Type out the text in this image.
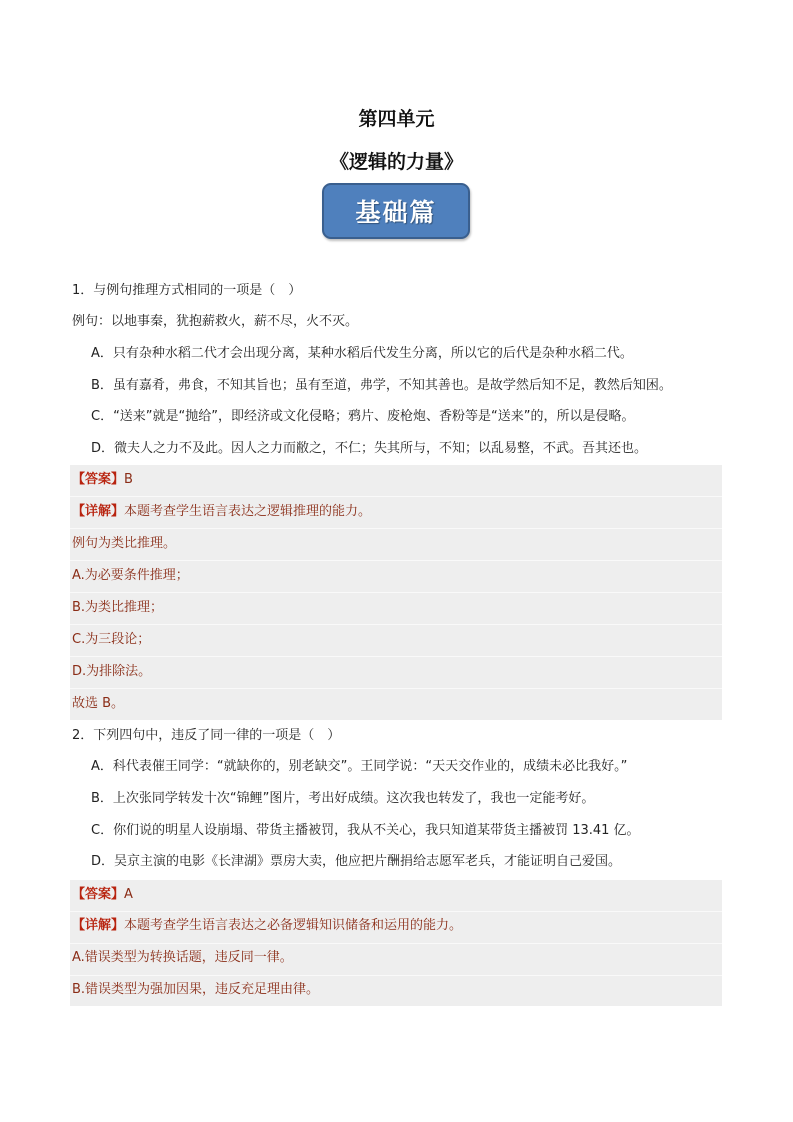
第四单元
《逻辑的力量》
基础篇
1．与例句推理方式相同的一项是（　）
例句：以地事秦，犹抱薪救火，薪不尽，火不灭。
A．只有杂种水稻二代才会出现分离，某种水稻后代发生分离，所以它的后代是杂种水稻二代。
B．虽有嘉肴，弗食，不知其旨也；虽有至道，弗学，不知其善也。是故学然后知不足，教然后知困。
C．“送来”就是“抛给”，即经济或文化侵略；鸦片、废枪炮、香粉等是“送来”的，所以是侵略。
D．微夫人之力不及此。因人之力而敝之，不仁；失其所与，不知；以乱易整，不武。吾其还也。
【答案】B
【详解】本题考查学生语言表达之逻辑推理的能力。
例句为类比推理。
A.为必要条件推理；
B.为类比推理；
C.为三段论；
D.为排除法。
故选 B。
2．下列四句中，违反了同一律的一项是（　）
A．科代表催王同学：“就缺你的，别老缺交”。王同学说：“天天交作业的，成绩未必比我好。”
B．上次张同学转发十次“锦鲤”图片，考出好成绩。这次我也转发了，我也一定能考好。
C．你们说的明星人设崩塌、带货主播被罚，我从不关心，我只知道某带货主播被罚 13.41 亿。
D．吴京主演的电影《长津湖》票房大卖，他应把片酬捐给志愿军老兵，才能证明自己爱国。
【答案】A
【详解】本题考查学生语言表达之必备逻辑知识储备和运用的能力。
A.错误类型为转换话题，违反同一律。
B.错误类型为强加因果，违反充足理由律。
